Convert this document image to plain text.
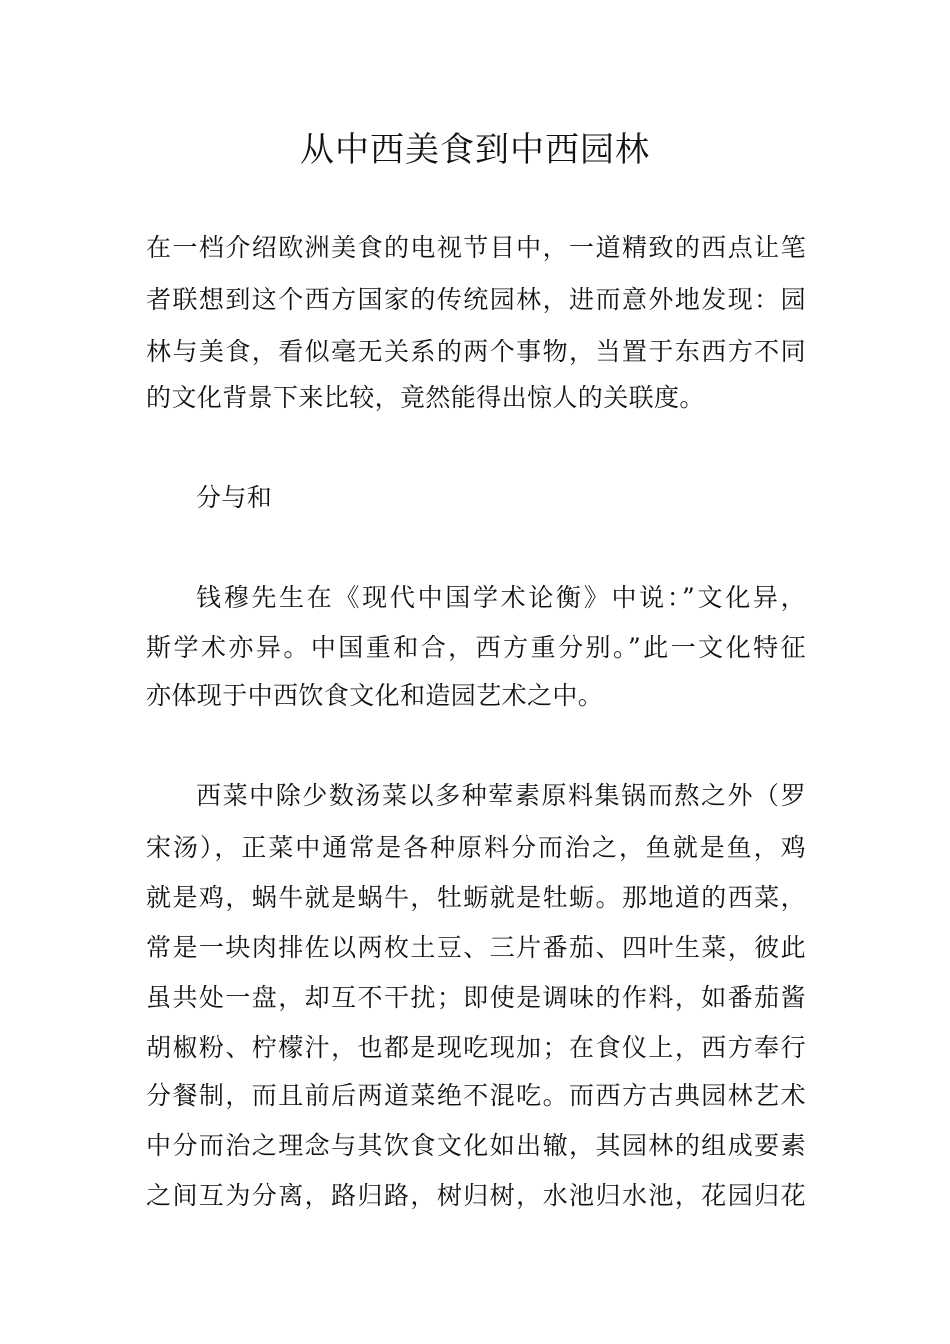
从中西美食到中西园林
在一档介绍欧洲美食的电视节目中，一道精致的西点让笔
者联想到这个西方国家的传统园林，进而意外地发现：园
林与美食，看似毫无关系的两个事物，当置于东西方不同
的文化背景下来比较，竟然能得出惊人的关联度。
分与和
钱穆先生在《现代中国学术论衡》中说：”文化异，
斯学术亦异。中国重和合，西方重分别。”此一文化特征
亦体现于中西饮食文化和造园艺术之中。
西菜中除少数汤菜以多种荤素原料集锅而熬之外（罗
宋汤），正菜中通常是各种原料分而治之，鱼就是鱼，鸡
就是鸡，蜗牛就是蜗牛，牡蛎就是牡蛎。那地道的西菜，
常是一块肉排佐以两枚土豆、三片番茄、四叶生菜，彼此
虽共处一盘，却互不干扰；即使是调味的作料，如番茄酱
胡椒粉、柠檬汁，也都是现吃现加；在食仪上，西方奉行
分餐制，而且前后两道菜绝不混吃。而西方古典园林艺术
中分而治之理念与其饮食文化如出辙，其园林的组成要素
之间互为分离，路归路，树归树，水池归水池，花园归花
